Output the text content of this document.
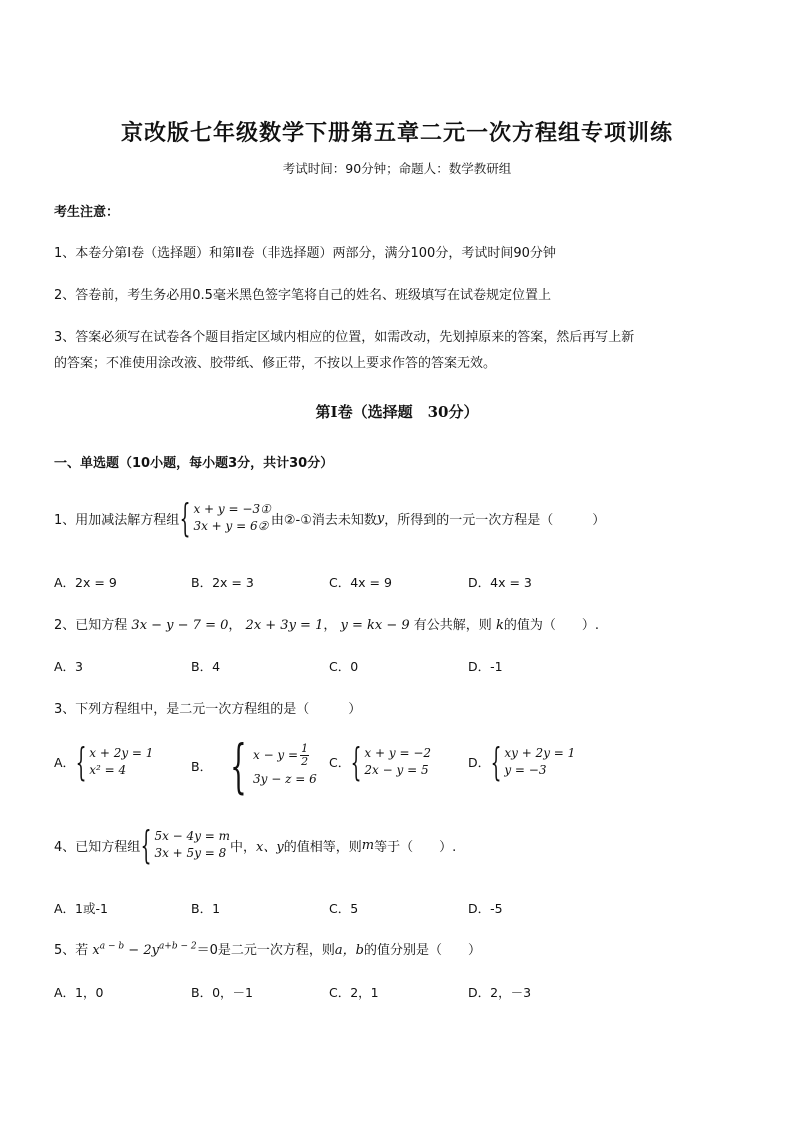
京改版七年级数学下册第五章二元一次方程组专项训练
考试时间：90分钟；命题人：数学教研组
考生注意：
1、本卷分第Ⅰ卷（选择题）和第Ⅱ卷（非选择题）两部分，满分100分，考试时间90分钟
2、答卷前，考生务必用0.5毫米黑色签字笔将自己的姓名、班级填写在试卷规定位置上
3、答案必须写在试卷各个题目指定区域内相应的位置，如需改动，先划掉原来的答案，然后再写上新
的答案；不准使用涂改液、胶带纸、修正带，不按以上要求作答的答案无效。
第Ⅰ卷（选择题　30分）
一、单选题（10小题，每小题3分，共计30分）
1、用加减法解方程组 { x + y = −3①
3x + y = 6② 由②-①消去未知数 y ，所得到的一元一次方程是（　　　）
A．2x = 9	B．2x = 3	C．4x = 9	D．4x = 3
2、已知方程 3x − y − 7 = 0， 2x + 3y = 1， y = kx − 9 有公共解，则 k的值为（　　）.
A．3	B．4	C．0	D．-1
3、下列方程组中，是二元一次方程组的是（　　　）
A． { x + 2y = 1
x² = 4	B． { $x - y = \frac{1}{2}$
3y − z = 6
C． { x + y = −2
2x − y = 5	D． { xy + 2y = 1
y = −3
4、已知方程组 { 5x − 4y = m
3x + 5y = 8 中， x、y 的值相等，则 m 等于（　　）.
A．1或-1	B．1	C．5	D．-5
5、若 $x^{a - b} - 2y^{a+b - 2}=0$是二元一次方程，则a，b的值分别是（　　）
A．1，0	B．0，－1	C．2，1	D．2，－3
